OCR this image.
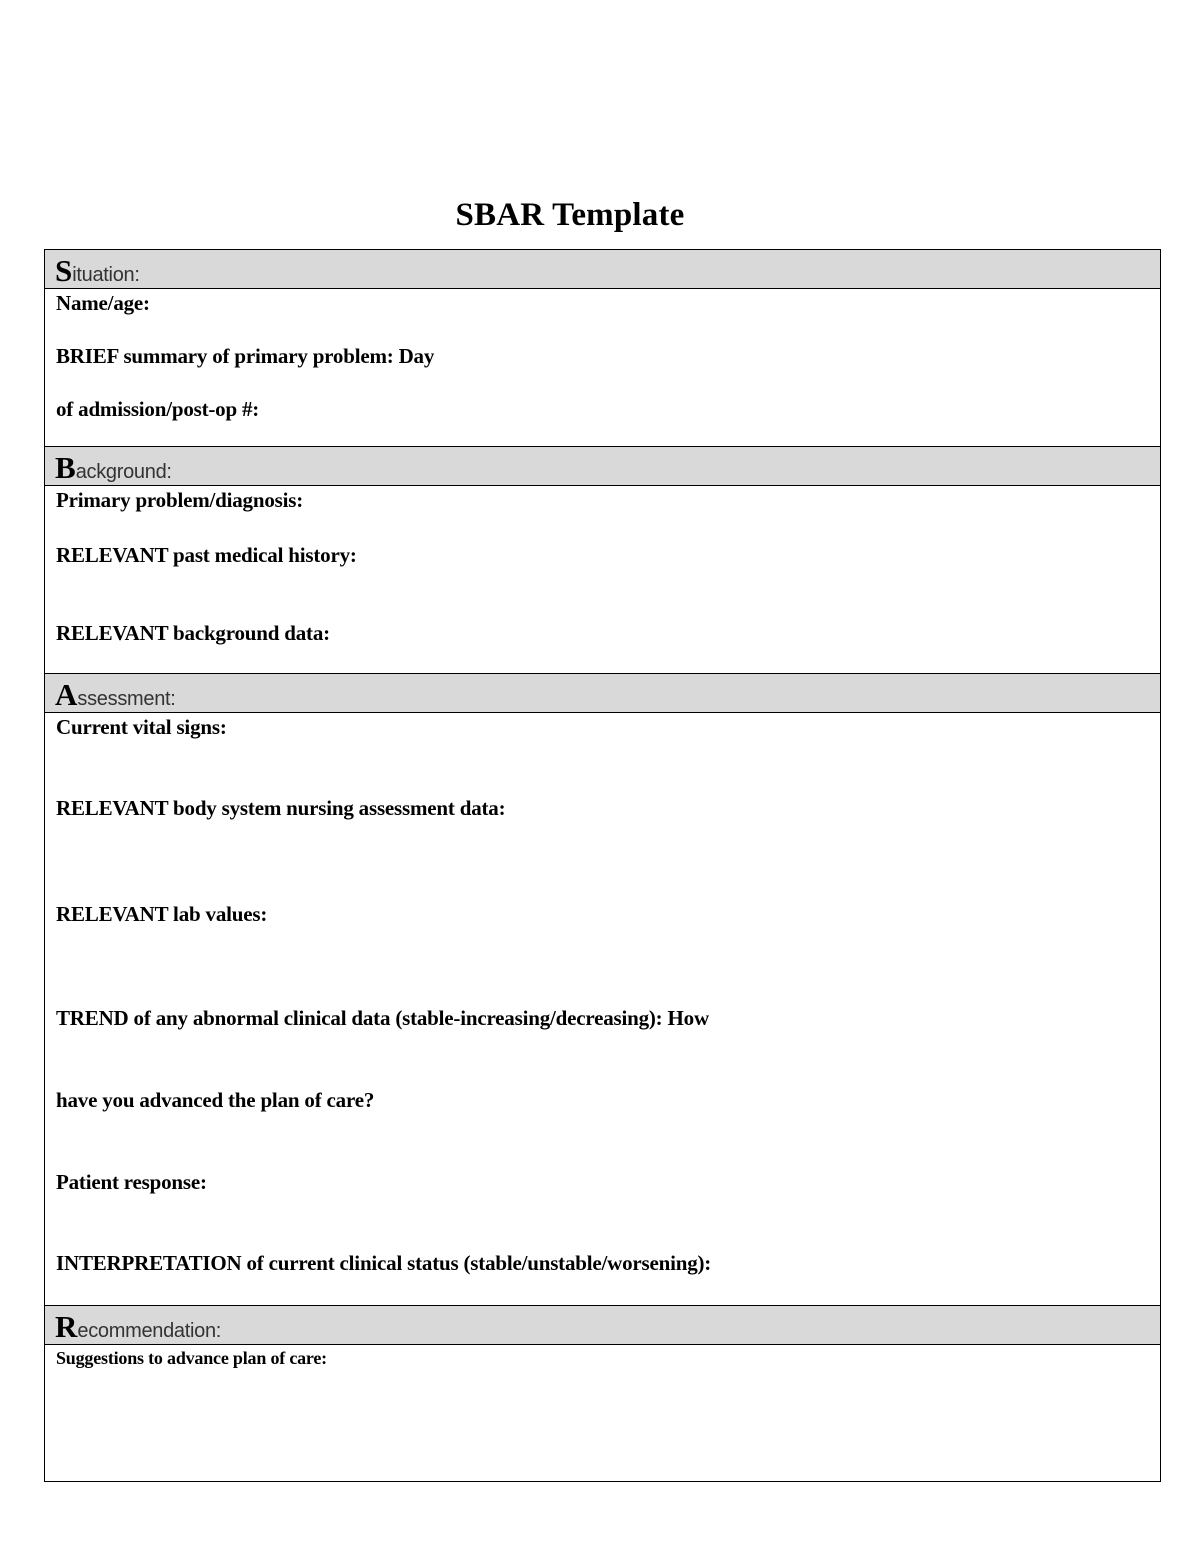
SBAR Template
S ituation:
Name/age:
BRIEF summary of primary problem: Day
of admission/post-op #:
B ackground:
Primary problem/diagnosis:
RELEVANT past medical history:
RELEVANT background data:
A ssessment:
Current vital signs:
RELEVANT body system nursing assessment data:
RELEVANT lab values:
TREND of any abnormal clinical data (stable-increasing/decreasing): How
have you advanced the plan of care?
Patient response:
INTERPRETATION of current clinical status (stable/unstable/worsening):
R ecommendation:
Suggestions to advance plan of care:
